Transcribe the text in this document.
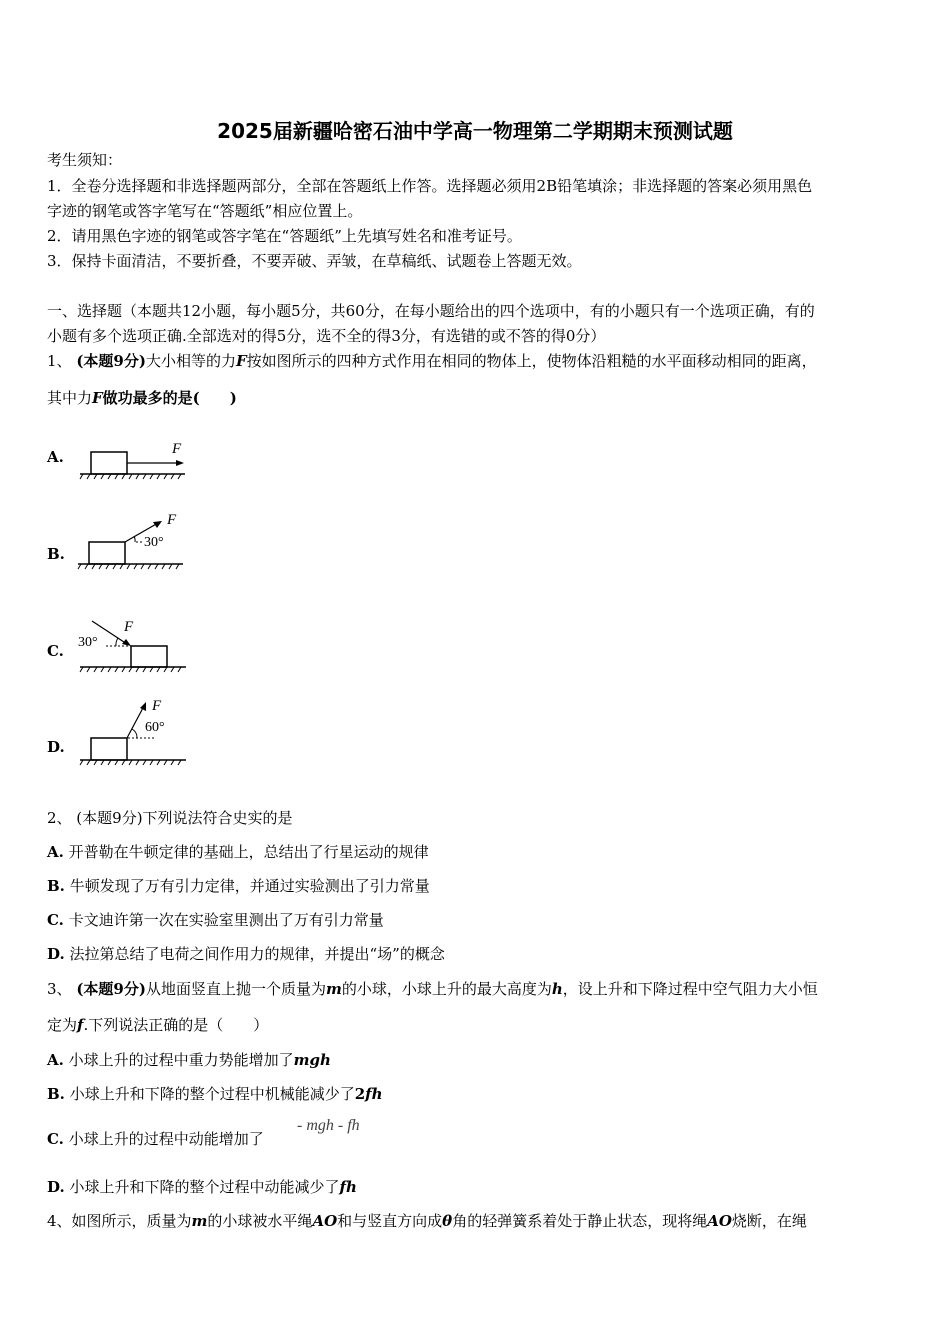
2025届新疆哈密石油中学高一物理第二学期期末预测试题
考生须知：
1．全卷分选择题和非选择题两部分，全部在答题纸上作答。选择题必须用2B铅笔填涂；非选择题的答案必须用黑色
字迹的钢笔或答字笔写在“答题纸”相应位置上。
2．请用黑色字迹的钢笔或答字笔在“答题纸”上先填写姓名和准考证号。
3．保持卡面清洁，不要折叠，不要弄破、弄皱，在草稿纸、试题卷上答题无效。
一、选择题（本题共12小题，每小题5分，共60分，在每小题给出的四个选项中，有的小题只有一个选项正确，有的
小题有多个选项正确.全部选对的得5分，选不全的得3分，有选错的或不答的得0分）
1、 (本题9分)大小相等的力F按如图所示的四种方式作用在相同的物体上，使物体沿粗糙的水平面移动相同的距离，
其中力F做功最多的是(　　)
A.	F
B.
F
30°
C.
F
30°
D.
F
60°
2、 (本题9分)下列说法符合史实的是
A. 开普勒在牛顿定律的基础上，总结出了行星运动的规律
B. 牛顿发现了万有引力定律，并通过实验测出了引力常量
C. 卡文迪许第一次在实验室里测出了万有引力常量
D. 法拉第总结了电荷之间作用力的规律，并提出“场”的概念
3、 (本题9分)从地面竖直上抛一个质量为m的小球，小球上升的最大高度为h，设上升和下降过程中空气阻力大小恒
定为f.下列说法正确的是（　　）
A. 小球上升的过程中重力势能增加了mgh
B. 小球上升和下降的整个过程中机械能减少了2fh
C. 小球上升的过程中动能增加了
- mgh - fh
D. 小球上升和下降的整个过程中动能减少了fh
4、如图所示，质量为m的小球被水平绳AO和与竖直方向成θ角的轻弹簧系着处于静止状态，现将绳AO烧断，在绳
